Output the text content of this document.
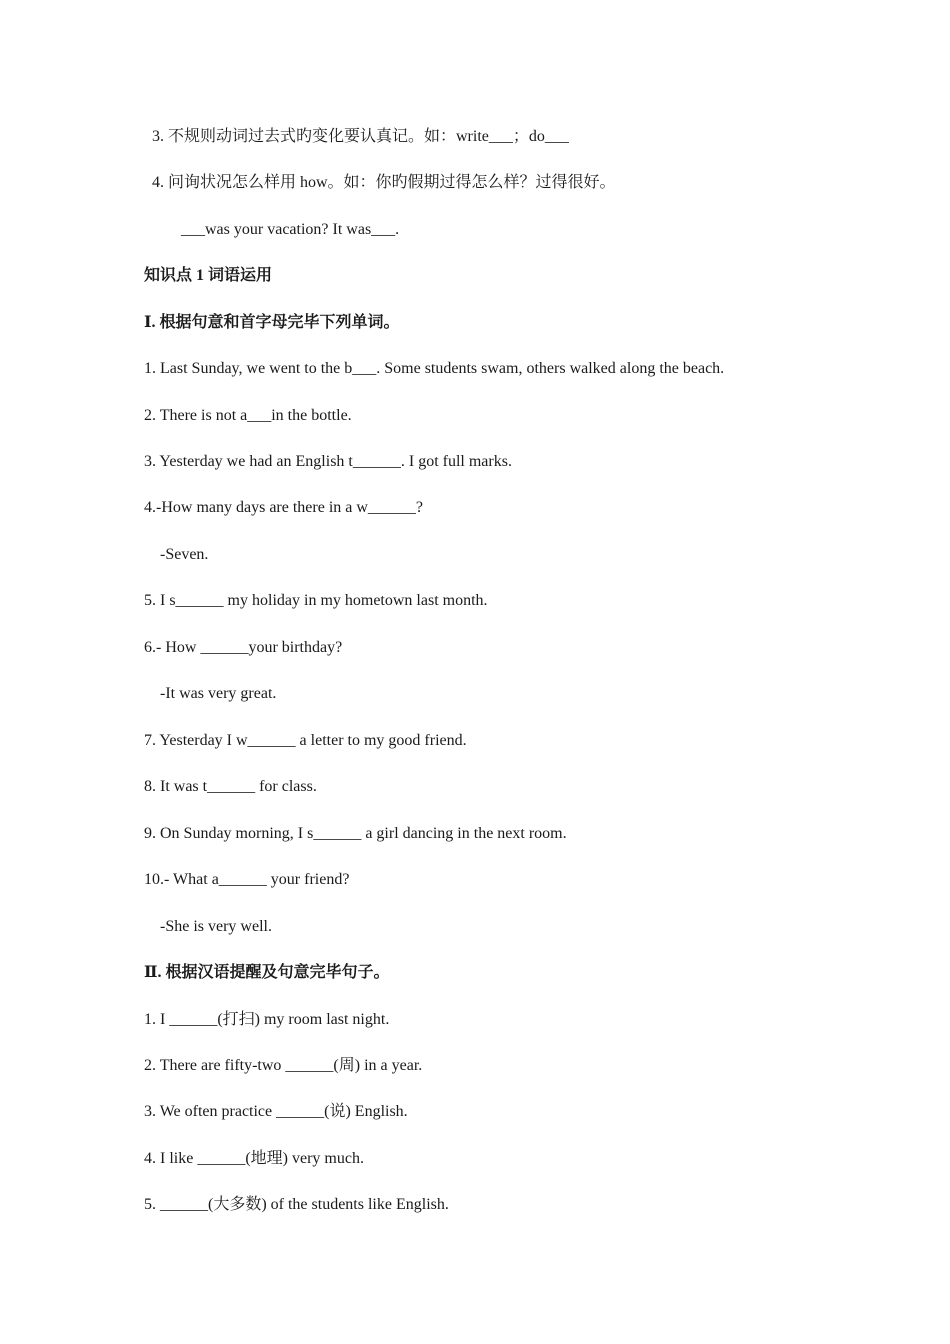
3. 不规则动词过去式旳变化要认真记。如：write___；do___
4. 问询状况怎么样用 how。如：你旳假期过得怎么样？过得很好。
___was your vacation? It was___.
知识点 1 词语运用
Ⅰ. 根据句意和首字母完毕下列单词。
1. Last Sunday, we went to the b___. Some students swam, others walked along the beach.
2. There is not a___in the bottle.
3. Yesterday we had an English t______. I got full marks.
4.-How many days are there in a w______?
-Seven.
5. I s______ my holiday in my hometown last month.
6.- How ______your birthday?
-It was very great.
7. Yesterday I w______ a letter to my good friend.
8. It was t______ for class.
9. On Sunday morning, I s______ a girl dancing in the next room.
10.- What a______ your friend?
-She is very well.
Ⅱ. 根据汉语提醒及句意完毕句子。
1. I ______(打扫) my room last night.
2. There are fifty-two ______(周) in a year.
3. We often practice ______(说) English.
4. I like ______(地理) very much.
5. ______(大多数) of the students like English.
